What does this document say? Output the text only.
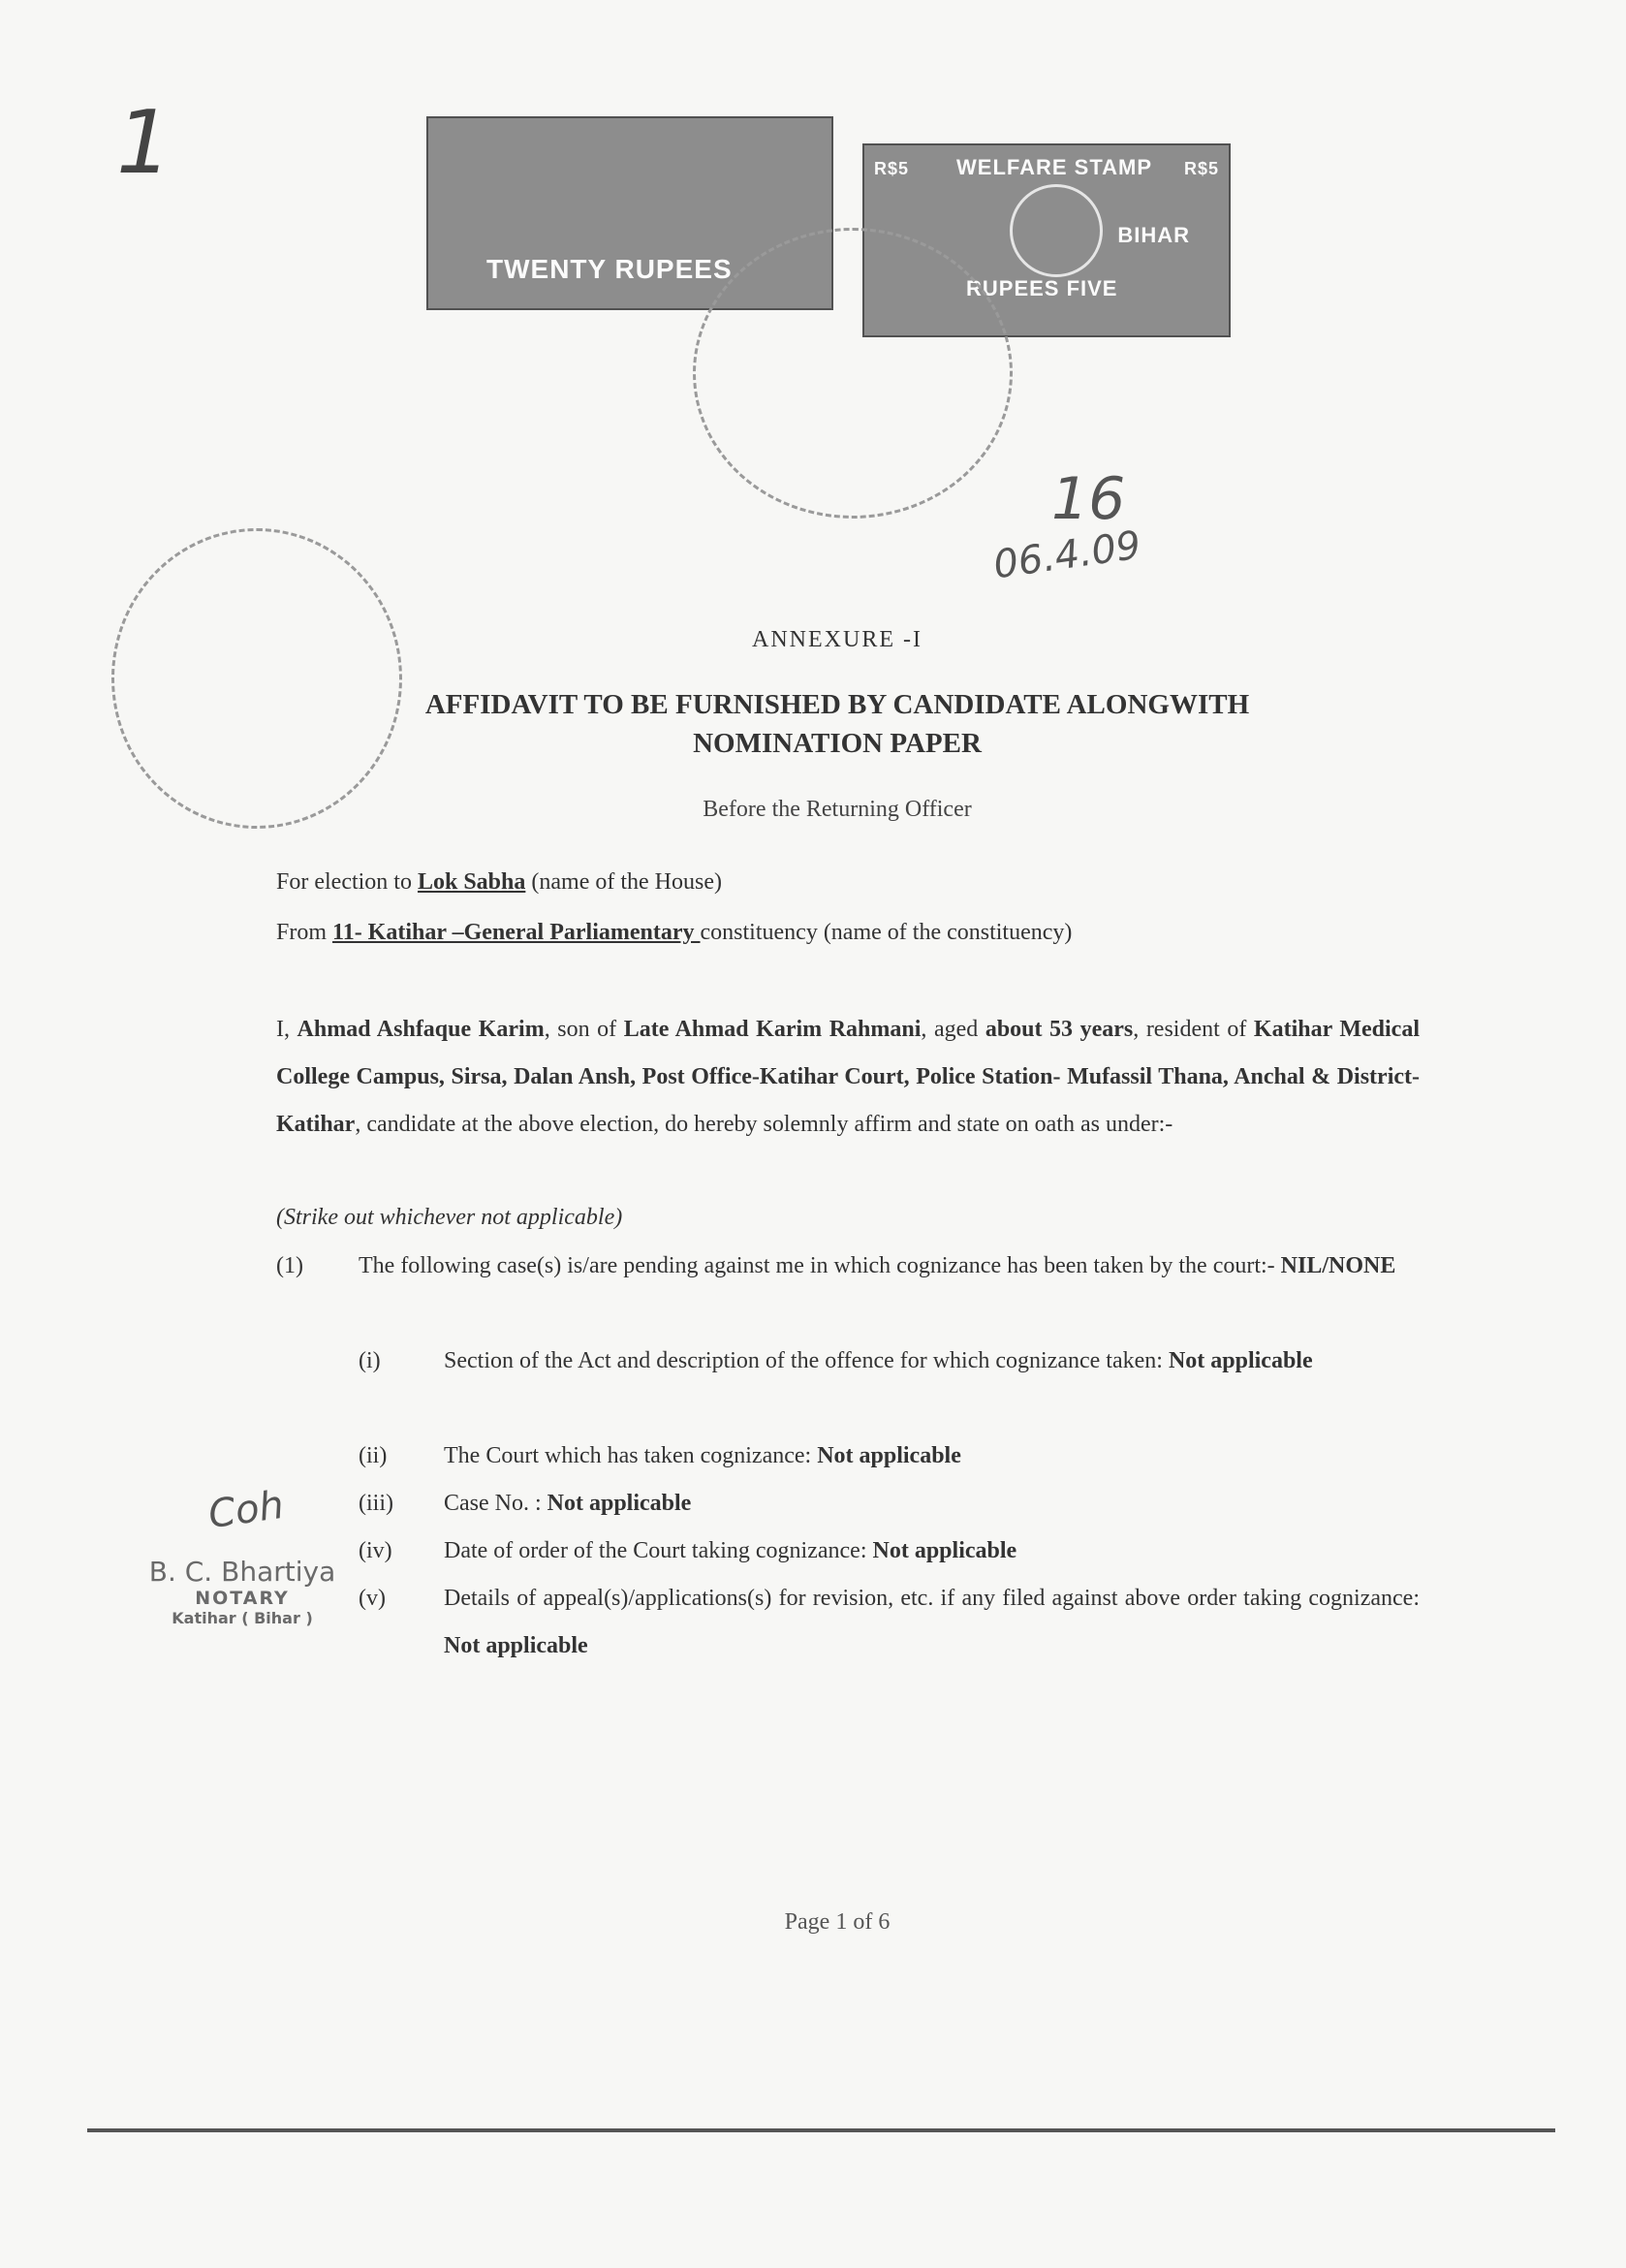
1
16
06.4.09
TWENTY RUPEES
WELFARE STAMP
R$5	R$5
BIHAR
RUPEES FIVE
ANNEXURE -I
AFFIDAVIT TO BE FURNISHED BY CANDIDATE ALONGWITH
NOMINATION PAPER
Before the Returning Officer
For election to Lok Sabha (name of the House)
From 11- Katihar –General Parliamentary constituency (name of the constituency)
I, Ahmad Ashfaque Karim, son of Late Ahmad Karim Rahmani, aged about 53 years, resident of Katihar Medical College Campus, Sirsa, Dalan Ansh, Post Office-Katihar Court, Police Station- Mufassil Thana, Anchal & District- Katihar, candidate at the above election, do hereby solemnly affirm and state on oath as under:-
(Strike out whichever not applicable)
(1) The following case(s) is/are pending against me in which cognizance has been taken by the court:- NIL/NONE
(i)	Section of the Act and description of the offence for which cognizance taken: Not applicable
(ii) The Court which has taken cognizance: Not applicable
(iii) Case No. : Not applicable
(iv) Date of order of the Court taking cognizance: Not applicable
(v)	Details of appeal(s)/applications(s) for revision, etc. if any filed against above order taking cognizance: Not applicable
Coh
B. C. Bhartiya
NOTARY
Katihar ( Bihar )
Page 1 of 6
